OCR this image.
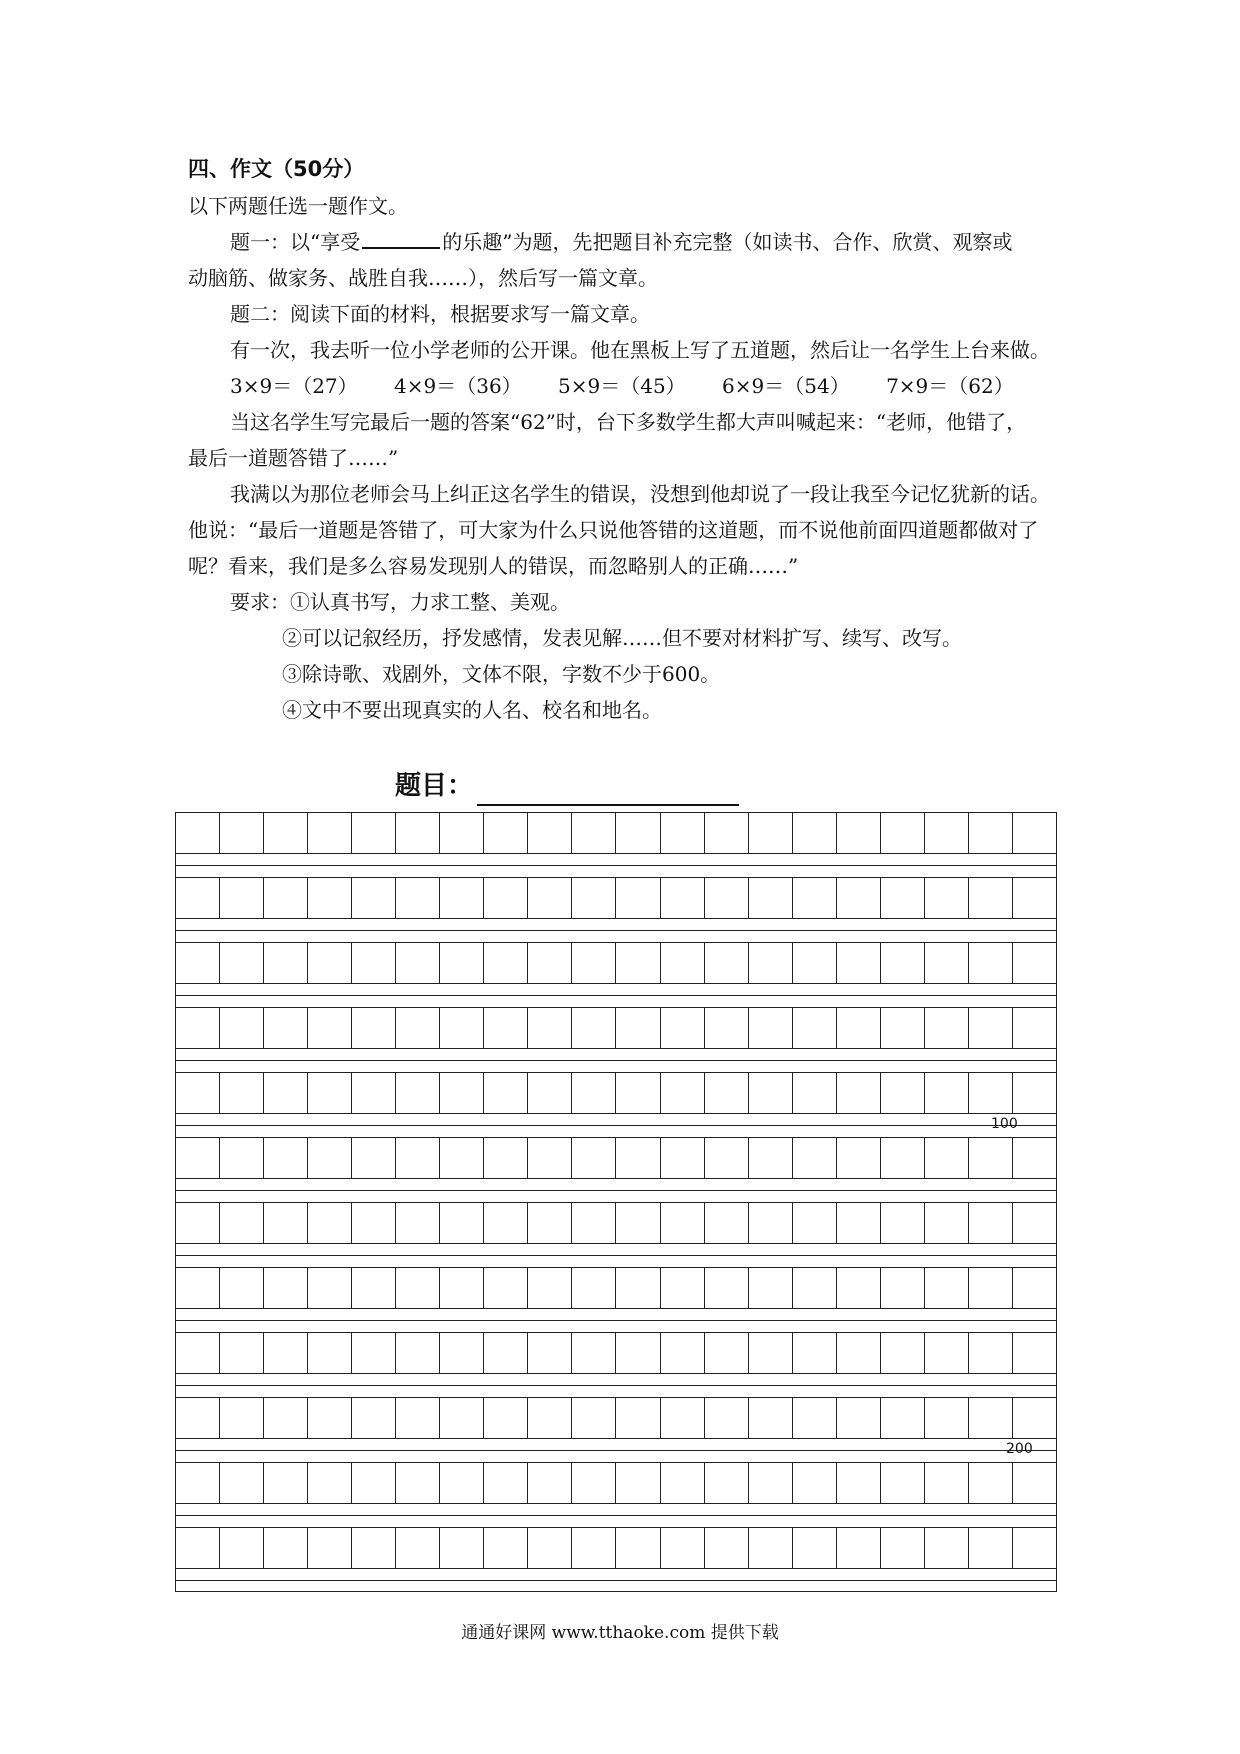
四、作文（50分）
以下两题任选一题作文。
题一：以“享受	的乐趣”为题，先把题目补充完整（如读书、合作、欣赏、观察或
动脑筋、做家务、战胜自我……），然后写一篇文章。
题二：阅读下面的材料，根据要求写一篇文章。
有一次，我去听一位小学老师的公开课。他在黑板上写了五道题，然后让一名学生上台来做。
3×9＝（27） 4×9＝（36） 5×9＝（45） 6×9＝（54） 7×9＝（62）
当这名学生写完最后一题的答案“62”时，台下多数学生都大声叫喊起来：“老师，他错了，
最后一道题答错了……”
我满以为那位老师会马上纠正这名学生的错误，没想到他却说了一段让我至今记忆犹新的话。
他说：“最后一道题是答错了，可大家为什么只说他答错的这道题，而不说他前面四道题都做对了
呢？看来，我们是多么容易发现别人的错误，而忽略别人的正确……”
要求：①认真书写，力求工整、美观。
②可以记叙经历，抒发感情，发表见解……但不要对材料扩写、续写、改写。
③除诗歌、戏剧外，文体不限，字数不少于600。
④文中不要出现真实的人名、校名和地名。
题目：
100
200
通通好课网 www.tthaoke.com 提供下载
